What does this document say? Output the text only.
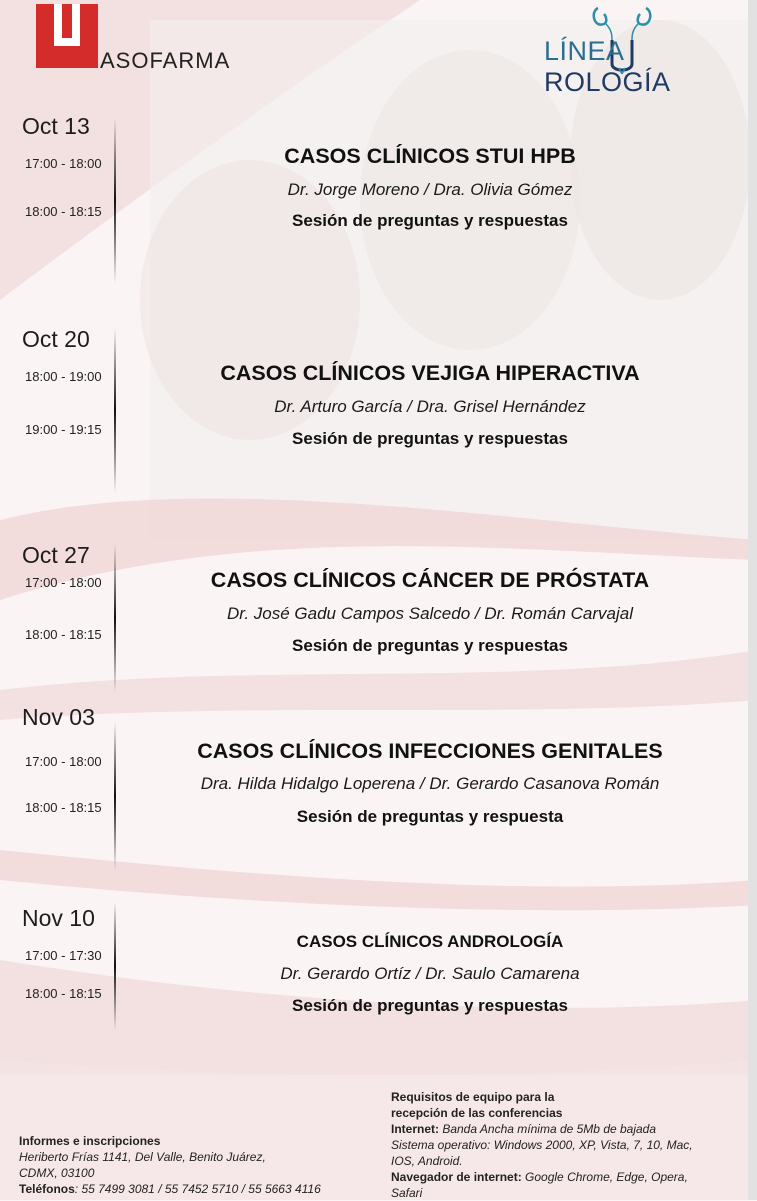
ASOFARMA	LÍNEAROLOGÍA
Oct 13
17:00 - 18:00
18:00 - 18:15
CASOS CLÍNICOS STUI HPB
Dr. Jorge Moreno / Dra. Olivia Gómez
Sesión de preguntas y respuestas
Oct 20
18:00 - 19:00
19:00 - 19:15
CASOS CLÍNICOS VEJIGA HIPERACTIVA
Dr. Arturo García / Dra. Grisel Hernández
Sesión de preguntas y respuestas
Oct 27
17:00 - 18:00
18:00 - 18:15
CASOS CLÍNICOS CÁNCER DE PRÓSTATA
Dr. José Gadu Campos Salcedo / Dr. Román Carvajal
Sesión de preguntas y respuestas
Nov 03
17:00 - 18:00
18:00 - 18:15
CASOS CLÍNICOS INFECCIONES GENITALES
Dra. Hilda Hidalgo Loperena / Dr. Gerardo Casanova Román
Sesión de preguntas y respuesta
Nov 10
17:00 - 17:30
18:00 - 18:15
CASOS CLÍNICOS ANDROLOGÍA
Dr. Gerardo Ortíz / Dr. Saulo Camarena
Sesión de preguntas y respuestas
Informes e inscripciones
Heriberto Frías 1141, Del Valle, Benito Juárez,
CDMX, 03100
Teléfonos: 55 7499 3081 / 55 7452 5710 / 55 5663 4116
Requisitos de equipo para la
recepción de las conferencias
Internet: Banda Ancha mínima de 5Mb de bajada
Sistema operativo: Windows 2000, XP, Vista, 7, 10, Mac,
IOS, Android.
Navegador de internet: Google Chrome, Edge, Opera,
Safari
